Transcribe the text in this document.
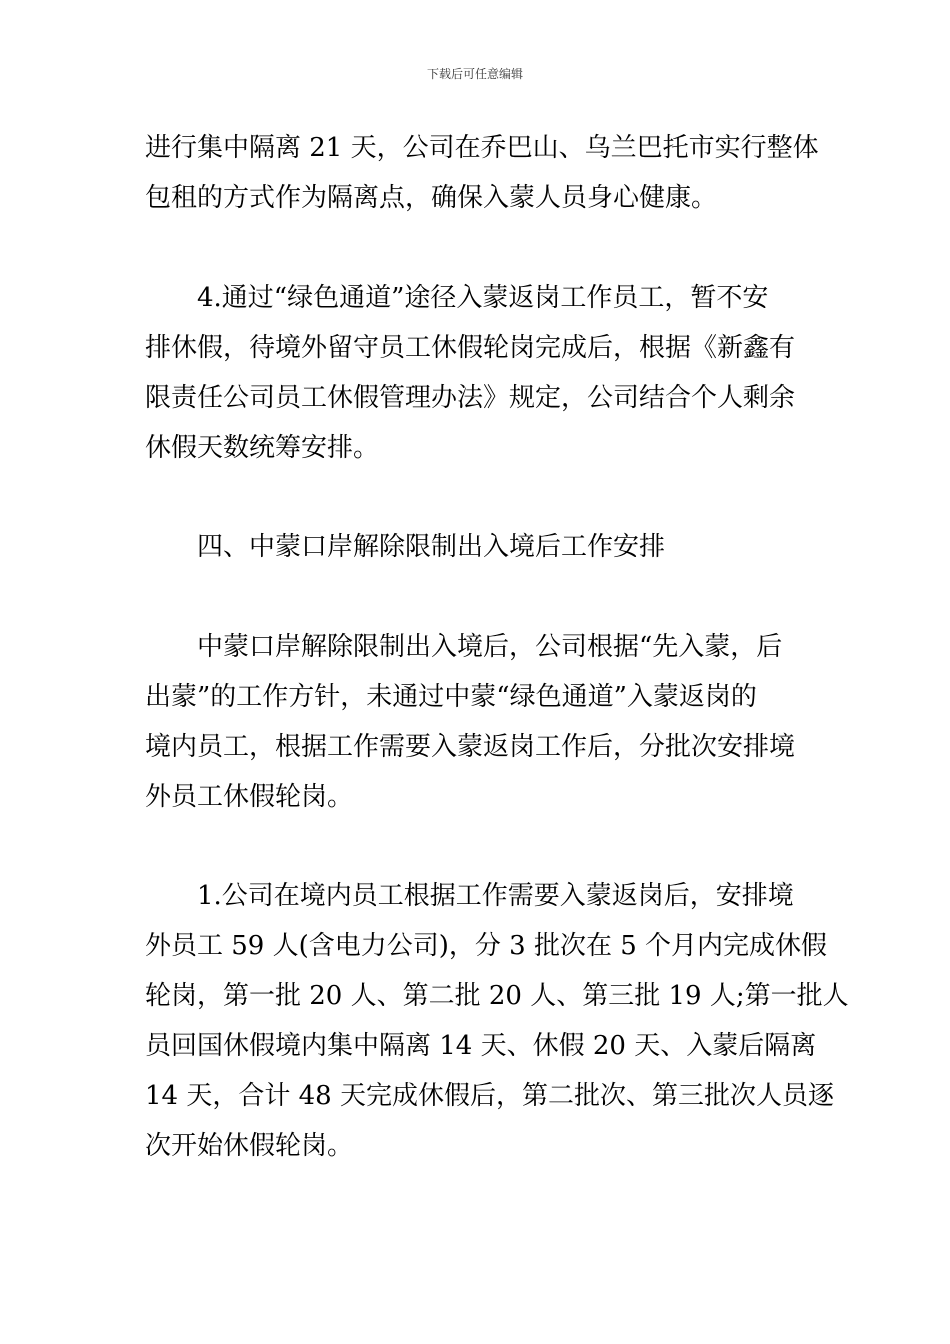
下载后可任意编辑
进行集中隔离 21 天，公司在乔巴山、乌兰巴托市实行整体
包租的方式作为隔离点，确保入蒙人员身心健康。
4.通过“绿色通道”途径入蒙返岗工作员工，暂不安
排休假，待境外留守员工休假轮岗完成后，根据《新鑫有
限责任公司员工休假管理办法》规定，公司结合个人剩余
休假天数统筹安排。
四、中蒙口岸解除限制出入境后工作安排
中蒙口岸解除限制出入境后，公司根据“先入蒙，后
出蒙”的工作方针，未通过中蒙“绿色通道”入蒙返岗的
境内员工，根据工作需要入蒙返岗工作后，分批次安排境
外员工休假轮岗。
1.公司在境内员工根据工作需要入蒙返岗后，安排境
外员工 59 人(含电力公司)，分 3 批次在 5 个月内完成休假
轮岗，第一批 20 人、第二批 20 人、第三批 19 人;第一批人
员回国休假境内集中隔离 14 天、休假 20 天、入蒙后隔离
14 天，合计 48 天完成休假后，第二批次、第三批次人员逐
次开始休假轮岗。
